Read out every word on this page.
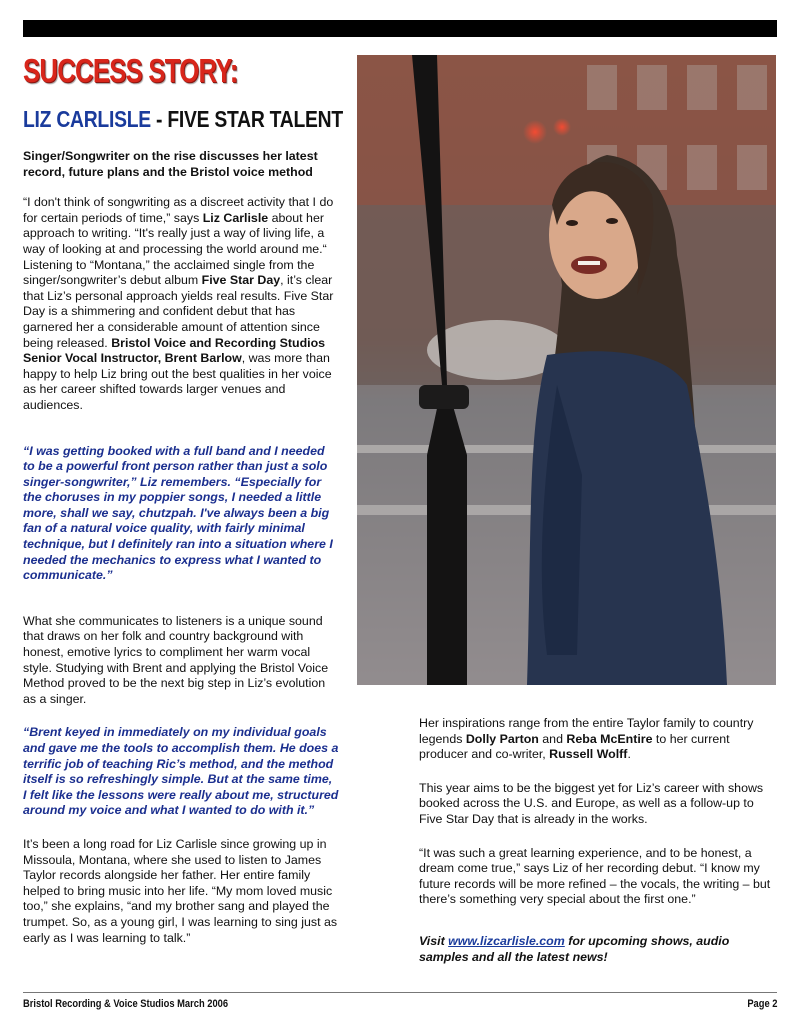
SUCCESS STORY:
LIZ CARLISLE - FIVE STAR TALENT

Singer/Songwriter on the rise discusses her latest record, future plans and the Bristol voice method

“I don't think of songwriting as a discreet activity that I do for certain periods of time,” says Liz Carlisle about her approach to writing. “It's really just a way of living life, a way of looking at and processing the world around me.“ Listening to “Montana,” the acclaimed single from the singer/songwriter’s debut album Five Star Day, it’s clear that Liz’s personal approach yields real results. Five Star Day is a shimmering and confident debut that has garnered her a considerable amount of attention since being released. Bristol Voice and Recording Studios Senior Vocal Instructor, Brent Barlow, was more than happy to help Liz bring out the best qualities in her voice as her career shifted towards larger venues and audiences.

“I was getting booked with a full band and I needed to be a powerful front person rather than just a solo singer-songwriter,” Liz remembers. “Especially for the choruses in my poppier songs, I needed a little more, shall we say, chutzpah. I've always been a big fan of a natural voice quality, with fairly minimal technique, but I definitely ran into a situation where I needed the mechanics to express what I wanted to communicate.”

What she communicates to listeners is a unique sound that draws on her folk and country background with honest, emotive lyrics to compliment her warm vocal style. Studying with Brent and applying the Bristol Voice Method proved to be the next big step in Liz’s evolution as a singer.

“Brent keyed in immediately on my individual goals and gave me the tools to accomplish them. He does a terrific job of teaching Ric’s method, and the method itself is so refreshingly simple. But at the same time, I felt like the lessons were really about me, structured around my voice and what I wanted to do with it.”

It’s been a long road for Liz Carlisle since growing up in Missoula, Montana, where she used to listen to James Taylor records alongside her father. Her entire family helped to bring music into her life. “My mom loved music too,” she explains, “and my brother sang and played the trumpet. So, as a young girl, I was learning to sing just as early as I was learning to talk.”

Her inspirations range from the entire Taylor family to country legends Dolly Parton and Reba McEntire to her current producer and co-writer, Russell Wolff.

This year aims to be the biggest yet for Liz’s career with shows booked across the U.S. and Europe, as well as a follow-up to Five Star Day that is already in the works.

“It was such a great learning experience, and to be honest, a dream come true,” says Liz of her recording debut. “I know my future records will be more refined – the vocals, the writing – but there’s something very special about the first one.”

Visit www.lizcarlisle.com for upcoming shows, audio samples and all the latest news!

Bristol Recording & Voice Studios March 2006	Page 2
